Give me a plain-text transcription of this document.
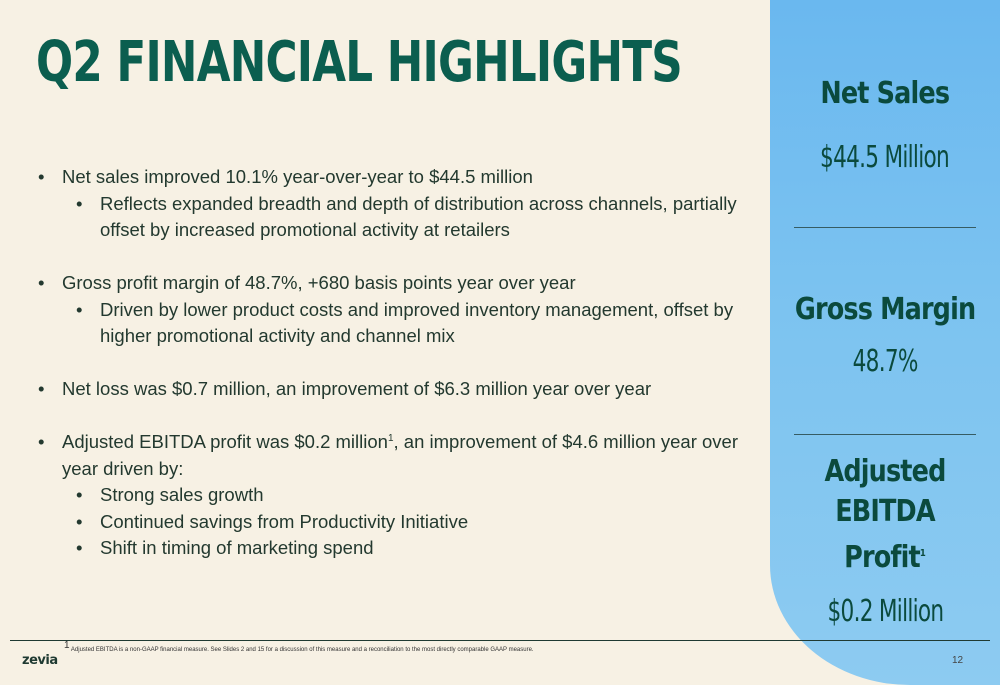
Q2 FINANCIAL HIGHLIGHTS
• Net sales improved 10.1% year-over-year to $44.5 million
• Reflects expanded breadth and depth of distribution across channels, partially offset by increased promotional activity at retailers
• Gross profit margin of 48.7%, +680 basis points year over year
• Driven by lower product costs and improved inventory management, offset by higher promotional activity and channel mix
• Net loss was $0.7 million, an improvement of $6.3 million year over year
• Adjusted EBITDA profit was $0.2 million$^1$, an improvement of $4.6 million year over year driven by:
• Strong sales growth
• Continued savings from Productivity Initiative
• Shift in timing of marketing spend
Net Sales
$44.5 Million
Gross Margin
48.7%
Adjusted EBITDA
Profit$^1$
$0.2 Million
$^1$ Adjusted EBITDA is a non-GAAP financial measure. See Slides 2 and 15 for a discussion of this measure and a reconciliation to the most directly comparable GAAP measure.
zevia	12
